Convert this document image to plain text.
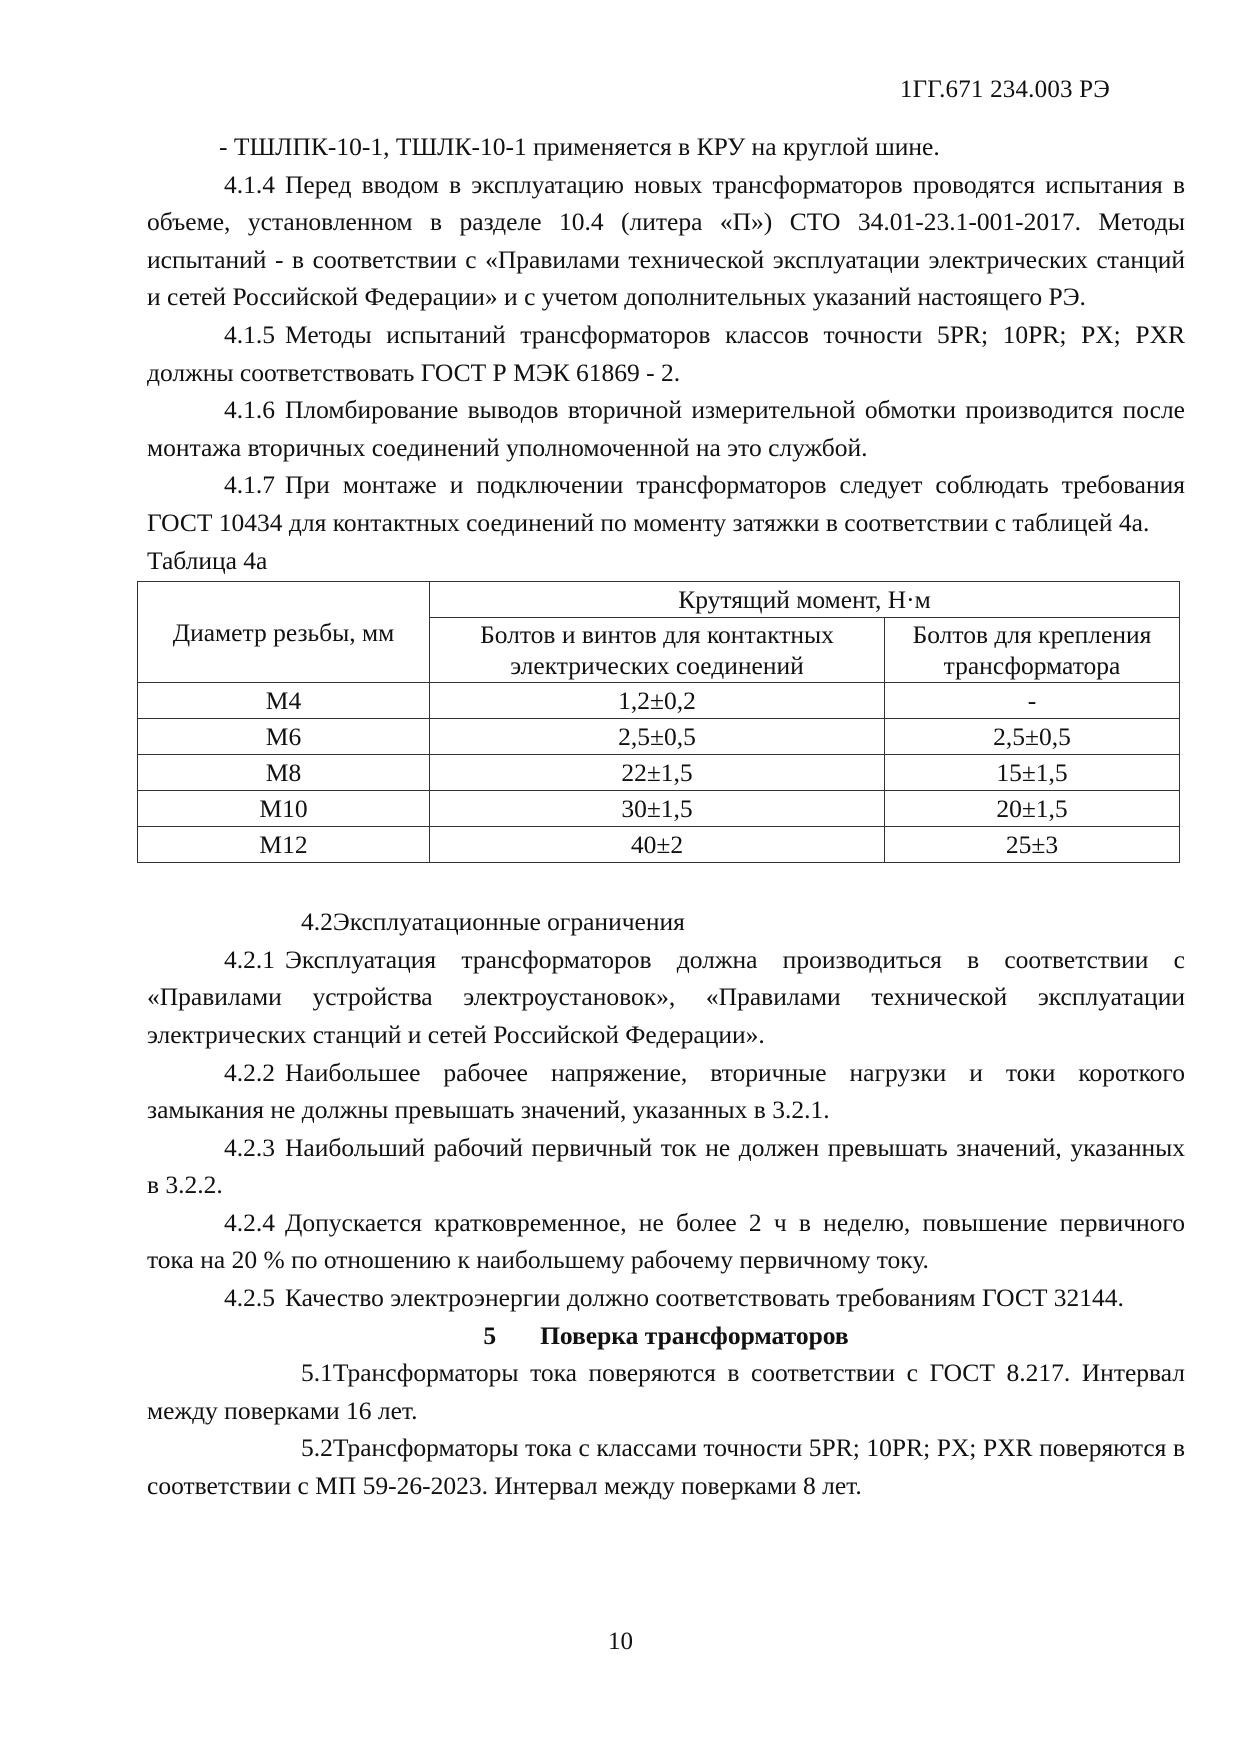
1ГГ.671 234.003 РЭ

- ТШЛПК-10-1, ТШЛК-10-1 применяется в КРУ на круглой шине.

4.1.4 Перед вводом в эксплуатацию новых трансформаторов проводятся испытания в объеме, установленном в разделе 10.4 (литера «П») СТО 34.01-23.1-001-2017. Методы испытаний - в соответствии с «Правилами технической эксплуатации электрических станций и сетей Российской Федерации» и с учетом дополнительных указаний настоящего РЭ.

4.1.5 Методы испытаний трансформаторов классов точности 5PR; 10PR; PX; PXR должны соответствовать ГОСТ Р МЭК 61869 - 2.

4.1.6 Пломбирование выводов вторичной измерительной обмотки производится после монтажа вторичных соединений уполномоченной на это службой.

4.1.7 При монтаже и подключении трансформаторов следует соблюдать требования ГОСТ 10434 для контактных соединений по моменту затяжки в соответствии с таблицей 4а.

Таблица 4а

Диаметр резьбы, мм	Крутящий момент, Н·м	
	Болтов и винтов для контактных электрических соединений	Болтов для крепления трансформатора
М4	1,2±0,2	-
М6	2,5±0,5	2,5±0,5
М8	22±1,5	15±1,5
М10	30±1,5	20±1,5
М12	40±2	25±3

4.2Эксплуатационные ограничения

4.2.1 Эксплуатация трансформаторов должна производиться в соответствии с «Правилами устройства электроустановок», «Правилами технической эксплуатации электрических станций и сетей Российской Федерации».

4.2.2 Наибольшее рабочее напряжение, вторичные нагрузки и токи короткого замыкания не должны превышать значений, указанных в 3.2.1.

4.2.3 Наибольший рабочий первичный ток не должен превышать значений, указанных в 3.2.2.

4.2.4 Допускается кратковременное, не более 2 ч в неделю, повышение первичного тока на 20 % по отношению к наибольшему рабочему первичному току.

4.2.5 Качество электроэнергии должно соответствовать требованиям ГОСТ 32144.

5 Поверка трансформаторов

5.1Трансформаторы тока поверяются в соответствии с ГОСТ 8.217. Интервал между поверками 16 лет.

5.2Трансформаторы тока с классами точности 5PR; 10PR; PX; PXR поверяются в соответствии с МП 59-26-2023. Интервал между поверками 8 лет.

10
